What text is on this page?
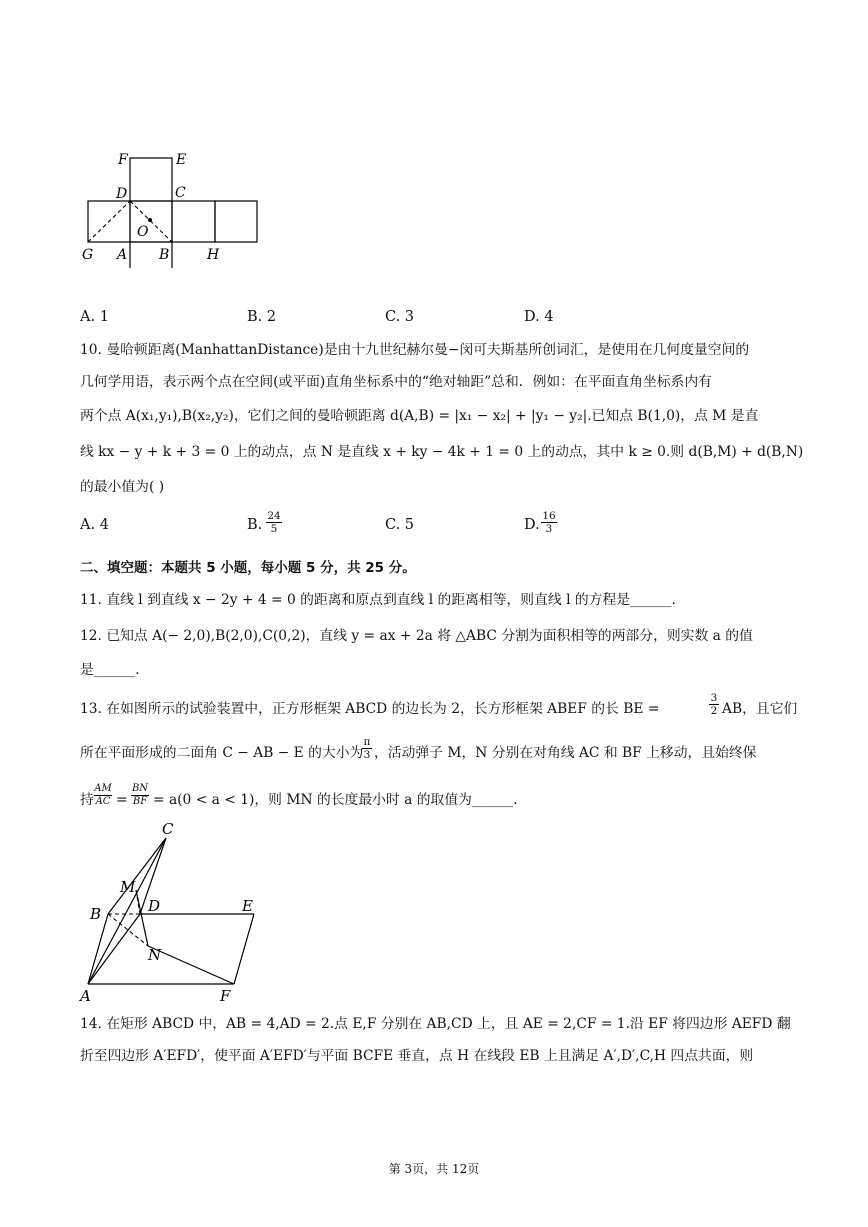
F	E
D	C
O
G A B	H
A. 1	B. 2	C. 3	D. 4
10. 曼哈顿距离(ManhattanDistance)是由十九世纪赫尔曼−闵可夫斯基所创词汇，是使用在几何度量空间的
几何学用语，表示两个点在空间(或平面)直角坐标系中的“绝对轴距”总和．例如：在平面直角坐标系内有
两个点 A(x₁,y₁),B(x₂,y₂)，它们之间的曼哈顿距离 d(A,B) = |x₁ − x₂| + |y₁ − y₂|.已知点 B(1,0)，点 M 是直
线 kx − y + k + 3 = 0 上的动点，点 N 是直线 x + ky − 4k + 1 = 0 上的动点，其中 k ≥ 0.则 d(B,M) + d(B,N)
的最小值为( )
A. 4	B. $\frac{24}{5}$	C. 5	D. $\frac{16}{3}$
二、填空题：本题共 5 小题，每小题 5 分，共 25 分。
11. 直线 l 到直线 x − 2y + 4 = 0 的距离和原点到直线 l 的距离相等，则直线 l 的方程是______.
12. 已知点 A(− 2,0),B(2,0),C(0,2)，直线 y = ax + 2a 将 △ABC 分割为面积相等的两部分，则实数 a 的值
是______.
13. 在如图所示的试验装置中，正方形框架 ABCD 的边长为 2，长方形框架 ABEF 的长 BE =	$\frac{3}{2}$ AB，且它们
所在平面形成的二面角 C − AB − E 的大小为
$\frac{\pi}{3}$ ，活动弹子 M，N 分别在对角线 AC 和 BF 上移动，且始终保
持 $\frac{AM}{AC} = \frac{BN}{BF} = a(0 < a < 1)$，则 MN 的长度最小时 a 的取值为______.
C
M
B	D	E
N
A	F
14. 在矩形 ABCD 中，AB = 4,AD = 2.点 E,F 分别在 AB,CD 上，且 AE = 2,CF = 1.沿 EF 将四边形 AEFD 翻
折至四边形 A′EFD′，使平面 A′EFD′与平面 BCFE 垂直，点 H 在线段 EB 上且满足 A′,D′,C,H 四点共面，则
第 3页，共 12页
